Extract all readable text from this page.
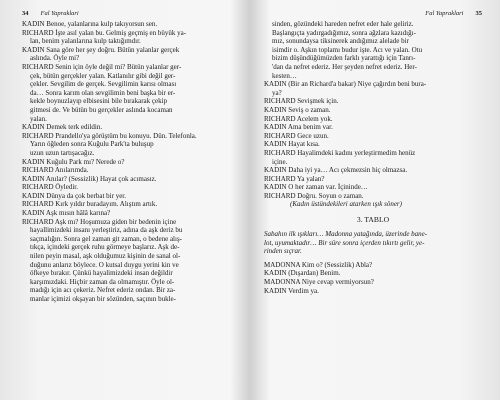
34 Fal Yapraklari
KADIN Benoe, yalanlarına kulp takıyorsun sen.
RICHARD İşte asıl yalan bu. Gelmiş geçmiş en büyük ya-
lan, benim yalanlarına kulp taktığımdır.
KADIN Sana göre her şey doğru. Bütün yalanlar gerçek
aslında. Öyle mi?
RICHARD Senin için öyle değil mi? Bütün yalanlar ger-
çek, bütün gerçekler yalan. Katlanılır gibi değil ger-
çekler. Sevgilim de gerçek. Sevgilimin karısı olması
da… Sonra karım olan sevgilimin beni başka bir er-
kekle boynuzlayıp elbisesini bile bırakarak çekip
gitmesi de. Ve bütün bu gerçekler aslında kocaman
yalan.
KADIN Demek terk edildin.
RICHARD Prandello'ya görüştüm bu konuyu. Dün. Telefonla.
Yarın öğleden sonra Kuğulu Park'ta buluşup
uzun uzun tartışacağız.
KADIN Kuğulu Park mı? Nerede o?
RICHARD Anılarımda.
KADIN Anılar? (Sessizlik) Hayat çok acımasız.
RICHARD Öyledir.
KADIN Dünya da çok berbat bir yer.
RICHARD Kırk yıldır buradayım. Alıştım artık.
KADIN Aşk mısın hâlâ karına?
RICHARD Aşk mı? Hoşumuza giden bir bedenin içine
hayallimizdeki insanı yerleştiriz, adına da aşk deriz bu
saçmalığın. Sonra gel zaman git zaman, o bedene alış-
tıkça, içindeki gerçek ruhu görmeye başlarız. Aşk de-
nilen peyin masal, aşk olduğumuz kişinin de sanal ol-
duğunu anlarız böylece. O kutsal duygu yerini kin ve
öfkeye bırakır. Çünkü hayalimizdeki insan değildir
karşımızdaki. Hiçbir zaman da olmamıştır. Öyle ol-
madığı için acı çekeriz. Nefret ederiz ondan. Bir za-
manlar içimizi okşayan bir sözünden, saçının bukle-
Fal Yapraklari 35
sinden, gözündeki hareden nefret eder hale geliriz.
Başlangıçta yadırgadığımız, sonra ağzlara kazıdığı-
mız, sonundaysa tiksinerek andığımız alelade bir
isimdir o. Aşkın toplamı budur işte. Acı ve yalan. Otu
bizim düşündüğümüzden farklı yarattığı için Tanrı-
'dan da nefret ederiz. Her şeyden nefret ederiz. Her-
kesten…
KADIN (Bir an Richard'a bakar) Niye çağırdın beni bura-
ya?
RICHARD Sevişmek için.
KADIN Seviş o zaman.
RICHARD Acelem yok.
KADIN Ama benim var.
RICHARD Gece uzun.
KADIN Hayat kısa.
RICHARD Hayalimdeki kadını yerleştirmedim henüz
içine.
KADIN Daha iyi ya… Acı çekmezsin hiç olmazsa.
RICHARD Ya yalan?
KADIN O her zaman var. İçininde…
RICHARD Doğru. Soyun o zaman.
(Kadın üstündekileri atarken ışık söner)
3. TABLO
Sabahın ilk ışıkları… Madonna yatağında, üzerinde bane-
lot, uyumaktadır… Bir süre sonra içerden tıkırtı gelir, ye-
rinden sıçrar.
MADONNA Kim o? (Sessizlik) Abla?
KADIN (Dışardan) Benim.
MADONNA Niye cevap vermiyorsun?
KADIN Verdim ya.
